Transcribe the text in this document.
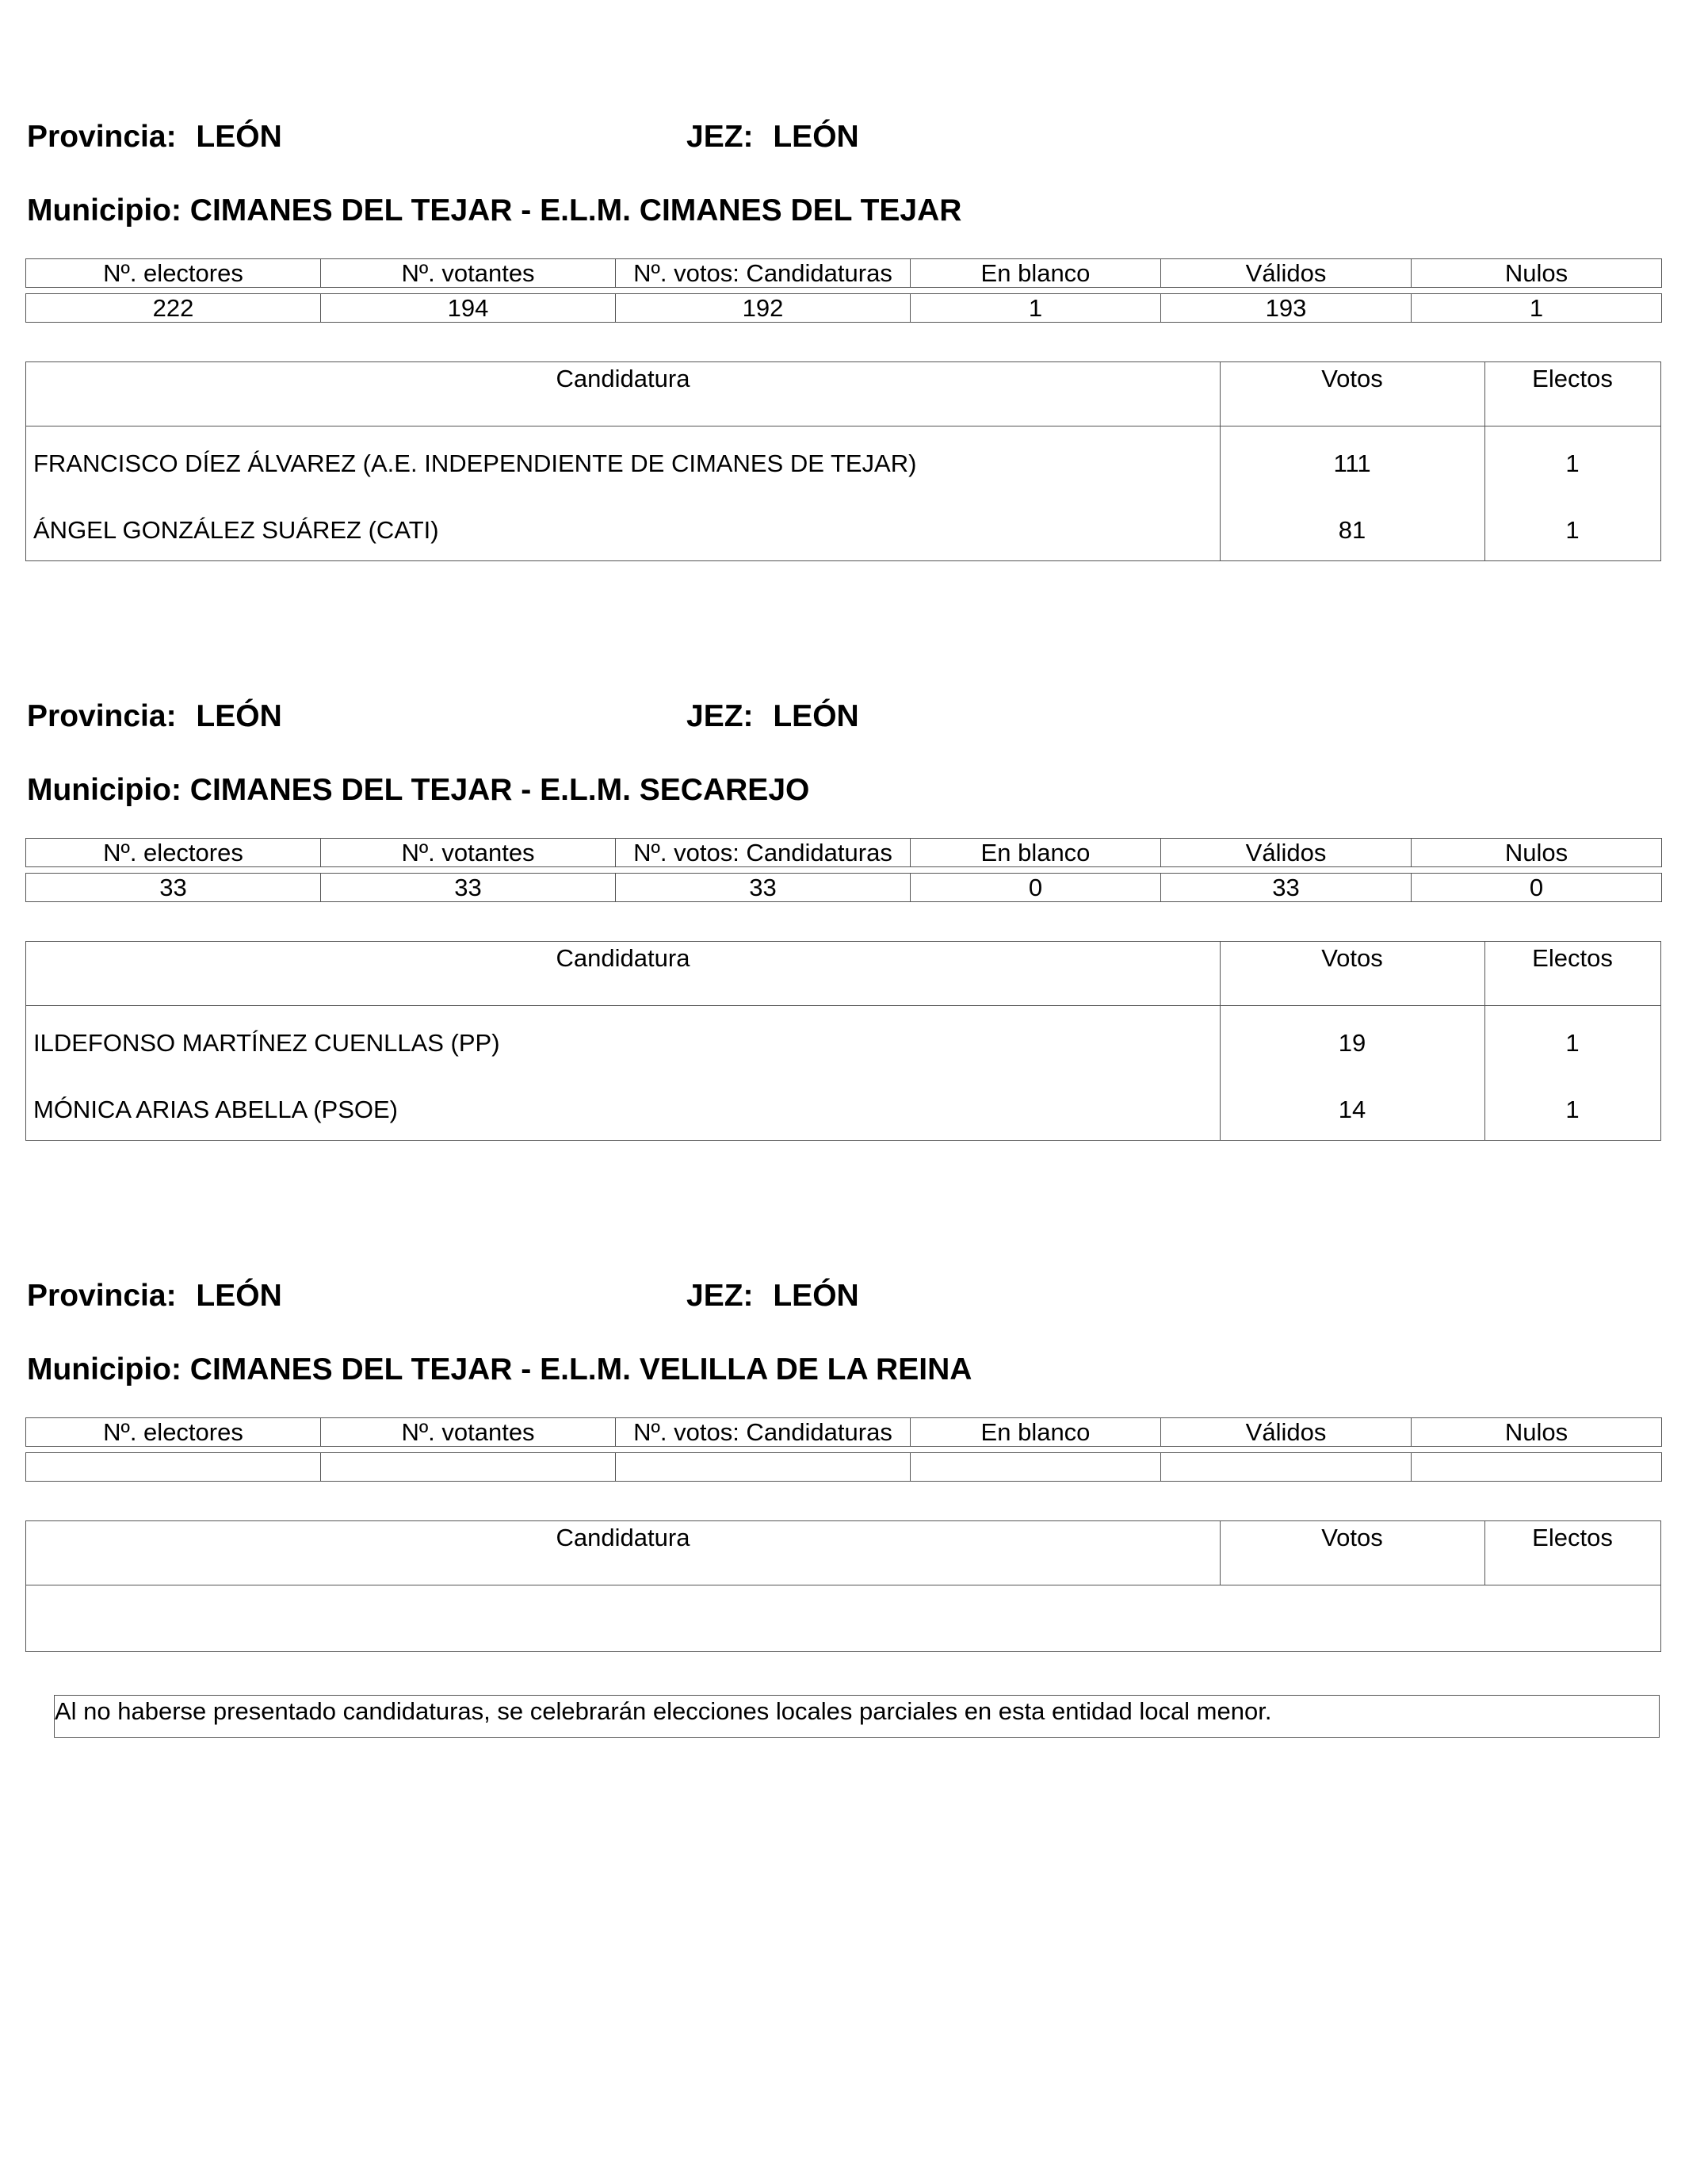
Provincia: LEÓN	JEZ: LEÓN
Municipio: CIMANES DEL TEJAR - E.L.M. CIMANES DEL TEJAR
Nº. electores	Nº. votantes	Nº. votos: Candidaturas	En blanco	Válidos	Nulos

222	194	192	1	193	1
Candidatura	Votos	Electos
FRANCISCO DÍEZ ÁLVAREZ (A.E. INDEPENDIENTE DE CIMANES DE TEJAR)	111	1
ÁNGEL GONZÁLEZ SUÁREZ (CATI)	81	1
Provincia: LEÓN	JEZ: LEÓN
Municipio: CIMANES DEL TEJAR - E.L.M. SECAREJO
Nº. electores	Nº. votantes	Nº. votos: Candidaturas	En blanco	Válidos	Nulos

33	33	33	0	33	0
Candidatura	Votos	Electos
ILDEFONSO MARTÍNEZ CUENLLAS (PP)	19	1
MÓNICA ARIAS ABELLA (PSOE)	14	1
Provincia: LEÓN	JEZ: LEÓN
Municipio: CIMANES DEL TEJAR - E.L.M. VELILLA DE LA REINA
Nº. electores	Nº. votantes	Nº. votos: Candidaturas	En blanco	Válidos	Nulos

Candidatura	Votos	Electos
Al no haberse presentado candidaturas, se celebrarán elecciones locales parciales en esta entidad local menor.
